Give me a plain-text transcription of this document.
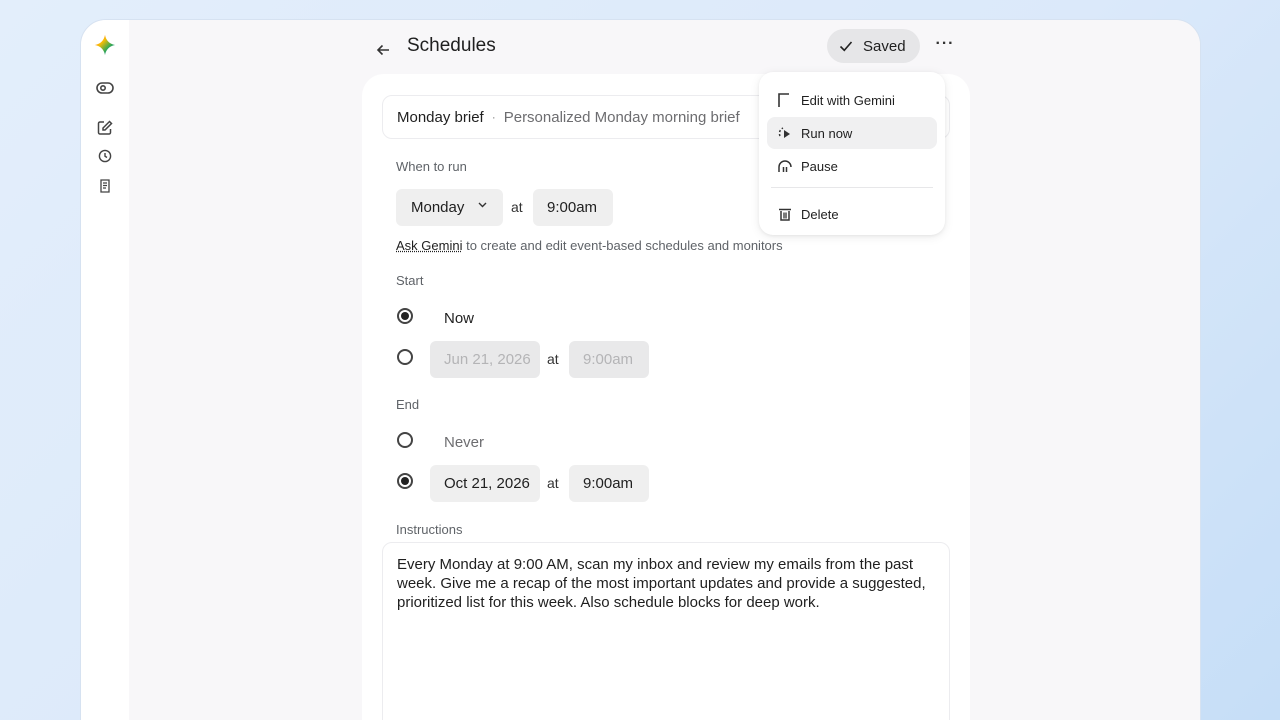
Schedules	Saved ···
Monday brief · Personalized Monday morning brief
When to run
Monday	at	9:00am
Ask Gemini to create and edit event-based schedules and monitors
Start
Now
Jun 21, 2026	at	9:00am
End
Never
Oct 21, 2026	at	9:00am
Instructions
Every Monday at 9:00 AM, scan my inbox and review my emails from the past week. Give me a recap of the most important updates and provide a suggested, prioritized list for this week. Also schedule blocks for deep work.
Edit with Gemini
Run now
Pause
Delete
